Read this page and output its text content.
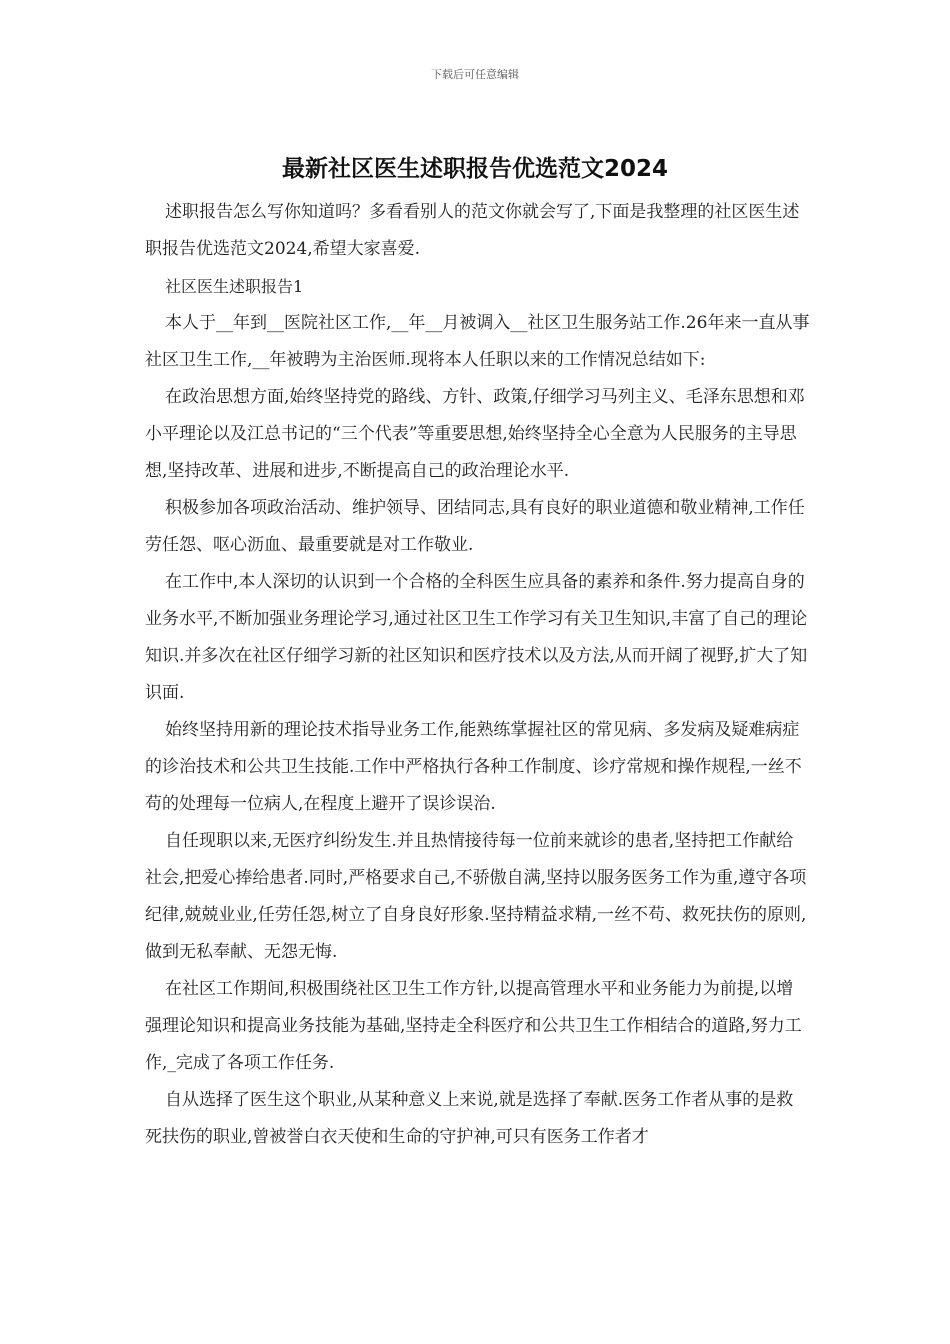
下载后可任意编辑
最新社区医生述职报告优选范文2024

述职报告怎么写你知道吗？多看看别人的范文你就会写了,下面是我整理的社区医生述职报告优选范文2024,希望大家喜爱.

社区医生述职报告1

本人于__年到__医院社区工作,__年__月被调入__社区卫生服务站工作.26年来一直从事社区卫生工作,__年被聘为主治医师.现将本人任职以来的工作情况总结如下:

在政治思想方面,始终坚持党的路线、方针、政策,仔细学习马列主义、毛泽东思想和邓小平理论以及江总书记的“三个代表”等重要思想,始终坚持全心全意为人民服务的主导思想,坚持改革、进展和进步,不断提高自己的政治理论水平.

积极参加各项政治活动、维护领导、团结同志,具有良好的职业道德和敬业精神,工作任劳任怨、呕心沥血、最重要就是对工作敬业.

在工作中,本人深切的认识到一个合格的全科医生应具备的素养和条件.努力提高自身的业务水平,不断加强业务理论学习,通过社区卫生工作学习有关卫生知识,丰富了自己的理论知识.并多次在社区仔细学习新的社区知识和医疗技术以及方法,从而开阔了视野,扩大了知识面.

始终坚持用新的理论技术指导业务工作,能熟练掌握社区的常见病、多发病及疑难病症的诊治技术和公共卫生技能.工作中严格执行各种工作制度、诊疗常规和操作规程,一丝不苟的处理每一位病人,在程度上避开了误诊误治.

自任现职以来,无医疗纠纷发生.并且热情接待每一位前来就诊的患者,坚持把工作献给社会,把爱心捧给患者.同时,严格要求自己,不骄傲自满,坚持以服务医务工作为重,遵守各项纪律,兢兢业业,任劳任怨,树立了自身良好形象.坚持精益求精,一丝不苟、救死扶伤的原则,做到无私奉献、无怨无悔.

在社区工作期间,积极围绕社区卫生工作方针,以提高管理水平和业务能力为前提,以增强理论知识和提高业务技能为基础,坚持走全科医疗和公共卫生工作相结合的道路,努力工作,_完成了各项工作任务.

自从选择了医生这个职业,从某种意义上来说,就是选择了奉献.医务工作者从事的是救死扶伤的职业,曾被誉白衣天使和生命的守护神,可只有医务工作者才
